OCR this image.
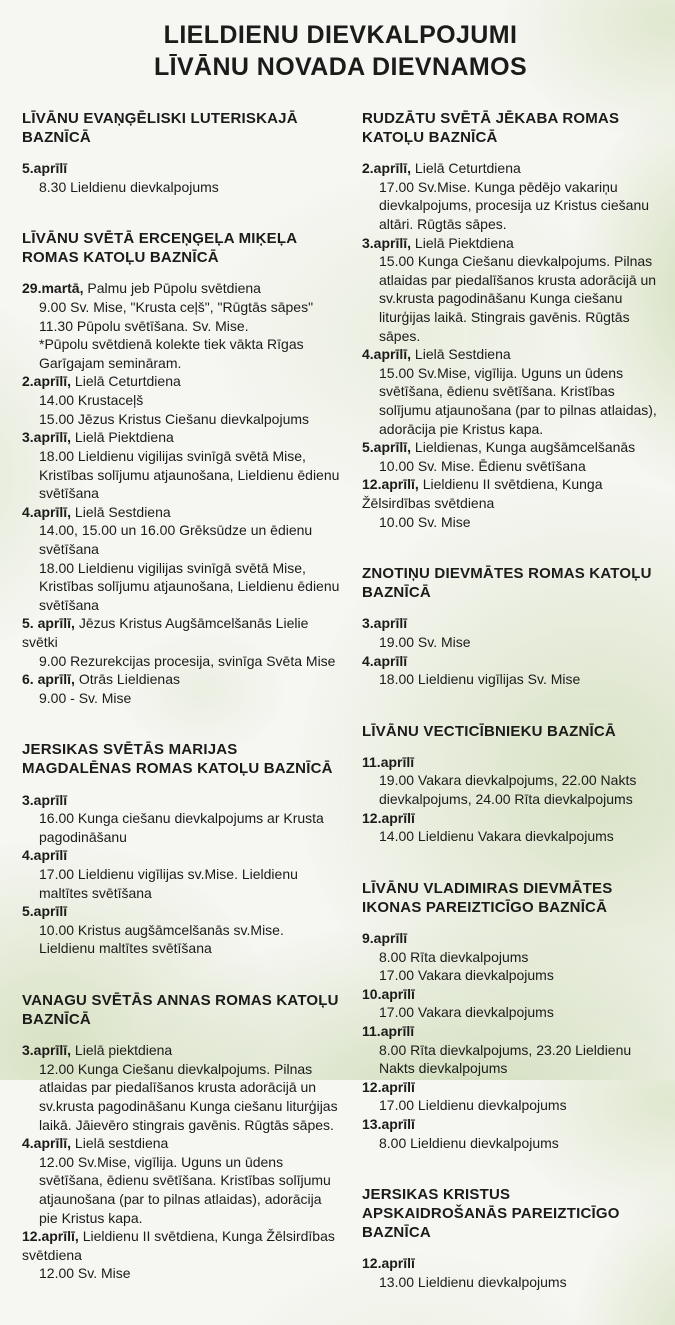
LIELDIENU DIEVKALPOJUMI
LĪVĀNU NOVADA DIEVNAMOS
LĪVĀNU EVAŅĢĒLISKI LUTERISKAJĀ BAZNĪCĀ
5.aprīlī
8.30 Lieldienu dievkalpojums
LĪVĀNU SVĒTĀ ERCEŅĢEĻA MIĶEĻA ROMAS KATOĻU BAZNĪCĀ
29.martā, Palmu jeb Pūpolu svētdiena
9.00 Sv. Mise, "Krusta ceļš", "Rūgtās sāpes"
11.30 Pūpolu svētīšana. Sv. Mise.
*Pūpolu svētdienā kolekte tiek vākta Rīgas Garīgajam semināram.
2.aprīlī, Lielā Ceturtdiena
14.00 Krustaceļš
15.00 Jēzus Kristus Ciešanu dievkalpojums
3.aprīlī, Lielā Piektdiena
18.00 Lieldienu vigilijas svinīgā svētā Mise, Kristības solījumu atjaunošana, Lieldienu ēdienu svētīšana
4.aprīlī, Lielā Sestdiena
14.00, 15.00 un 16.00 Grēksūdze un ēdienu svētīšana
18.00 Lieldienu vigilijas svinīgā svētā Mise, Kristības solījumu atjaunošana, Lieldienu ēdienu svētīšana
5. aprīlī, Jēzus Kristus Augšāmcelšanās Lielie svētki
9.00 Rezurekcijas procesija, svinīga Svēta Mise
6. aprīlī, Otrās Lieldienas
9.00 - Sv. Mise
JERSIKAS SVĒTĀS MARIJAS MAGDALĒNAS ROMAS KATOĻU BAZNĪCĀ
3.aprīlī
16.00 Kunga ciešanu dievkalpojums ar Krusta pagodināšanu
4.aprīlī
17.00 Lieldienu vigīlijas sv.Mise. Lieldienu maltītes svētīšana
5.aprīlī
10.00 Kristus augšāmcelšanās sv.Mise. Lieldienu maltītes svētīšana
VANAGU SVĒTĀS ANNAS ROMAS KATOĻU BAZNĪCĀ
3.aprīlī, Lielā piektdiena
12.00 Kunga Ciešanu dievkalpojums. Pilnas atlaidas par piedalīšanos krusta adorācijā un sv.krusta pagodināšanu Kunga ciešanu liturģijas laikā. Jāievēro stingrais gavēnis. Rūgtās sāpes.
4.aprīlī, Lielā sestdiena
12.00 Sv.Mise, vigīlija. Uguns un ūdens svētīšana, ēdienu svētīšana. Kristības solījumu atjaunošana (par to pilnas atlaidas), adorācija pie Kristus kapa.
12.aprīlī, Lieldienu II svētdiena, Kunga Žēlsirdības svētdiena
12.00 Sv. Mise
RUDZĀTU SVĒTĀ JĒKABA ROMAS KATOĻU BAZNĪCĀ
2.aprīlī, Lielā Ceturtdiena
17.00 Sv.Mise. Kunga pēdējo vakariņu dievkalpojums, procesija uz Kristus ciešanu altāri. Rūgtās sāpes.
3.aprīlī, Lielā Piektdiena
15.00 Kunga Ciešanu dievkalpojums. Pilnas atlaidas par piedalīšanos krusta adorācijā un sv.krusta pagodināšanu Kunga ciešanu liturģijas laikā. Stingrais gavēnis. Rūgtās sāpes.
4.aprīlī, Lielā Sestdiena
15.00 Sv.Mise, vigīlija. Uguns un ūdens svētīšana, ēdienu svētīšana. Kristības solījumu atjaunošana (par to pilnas atlaidas), adorācija pie Kristus kapa.
5.aprīlī, Lieldienas, Kunga augšāmcelšanās
10.00 Sv. Mise. Ēdienu svētīšana
12.aprīlī, Lieldienu II svētdiena, Kunga Žēlsirdības svētdiena
10.00 Sv. Mise
ZNOTIŅU DIEVMĀTES ROMAS KATOĻU BAZNĪCĀ
3.aprīlī
19.00 Sv. Mise
4.aprīlī
18.00 Lieldienu vigīlijas Sv. Mise
LĪVĀNU VECTICĪBNIEKU BAZNĪCĀ
11.aprīlī
19.00 Vakara dievkalpojums, 22.00 Nakts dievkalpojums, 24.00 Rīta dievkalpojums
12.aprīlī
14.00 Lieldienu Vakara dievkalpojums
LĪVĀNU VLADIMIRAS DIEVMĀTES IKONAS PAREIZTICĪGO BAZNĪCĀ
9.aprīlī
8.00 Rīta dievkalpojums
17.00 Vakara dievkalpojums
10.aprīlī
17.00 Vakara dievkalpojums
11.aprīlī
8.00 Rīta dievkalpojums, 23.20 Lieldienu Nakts dievkalpojums
12.aprīlī
17.00 Lieldienu dievkalpojums
13.aprīlī
8.00 Lieldienu dievkalpojums
JERSIKAS KRISTUS APSKAIDROŠANĀS PAREIZTICĪGO BAZNĪCA
12.aprīlī
13.00 Lieldienu dievkalpojums
